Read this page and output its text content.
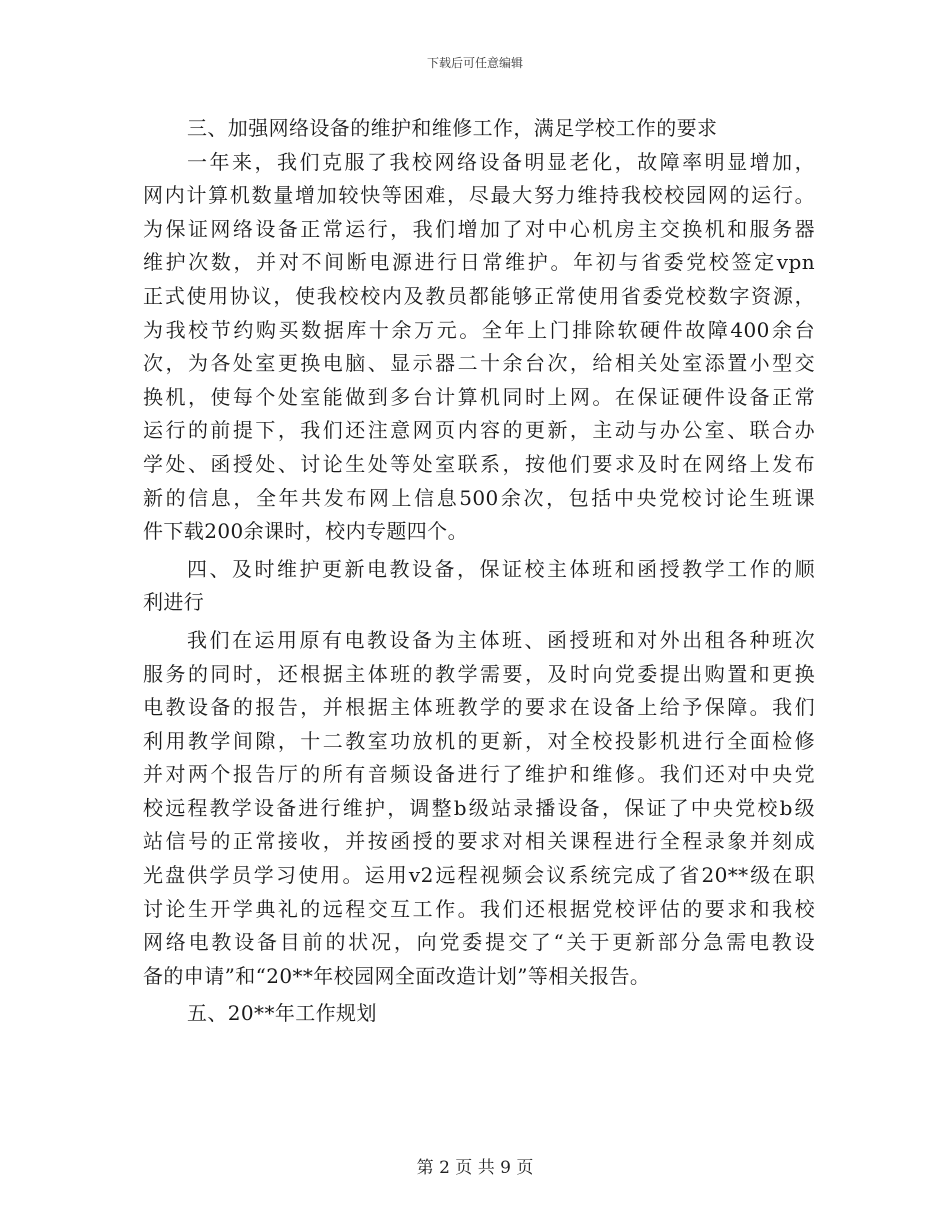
下载后可任意编辑
三、加强网络设备的维护和维修工作，满足学校工作的要求
一年来，我们克服了我校网络设备明显老化，故障率明显增加，
网内计算机数量增加较快等困难，尽最大努力维持我校校园网的运行。
为保证网络设备正常运行，我们增加了对中心机房主交换机和服务器
维护次数，并对不间断电源进行日常维护。年初与省委党校签定vpn
正式使用协议，使我校校内及教员都能够正常使用省委党校数字资源，
为我校节约购买数据库十余万元。全年上门排除软硬件故障400余台
次，为各处室更换电脑、显示器二十余台次，给相关处室添置小型交
换机，使每个处室能做到多台计算机同时上网。在保证硬件设备正常
运行的前提下，我们还注意网页内容的更新，主动与办公室、联合办
学处、函授处、讨论生处等处室联系，按他们要求及时在网络上发布
新的信息，全年共发布网上信息500余次，包括中央党校讨论生班课
件下载200余课时，校内专题四个。
四、及时维护更新电教设备，保证校主体班和函授教学工作的顺
利进行
我们在运用原有电教设备为主体班、函授班和对外出租各种班次
服务的同时，还根据主体班的教学需要，及时向党委提出购置和更换
电教设备的报告，并根据主体班教学的要求在设备上给予保障。我们
利用教学间隙，十二教室功放机的更新，对全校投影机进行全面检修
并对两个报告厅的所有音频设备进行了维护和维修。我们还对中央党
校远程教学设备进行维护，调整b级站录播设备，保证了中央党校b级
站信号的正常接收，并按函授的要求对相关课程进行全程录象并刻成
光盘供学员学习使用。运用v2远程视频会议系统完成了省20**级在职
讨论生开学典礼的远程交互工作。我们还根据党校评估的要求和我校
网络电教设备目前的状况，向党委提交了“关于更新部分急需电教设
备的申请”和“20**年校园网全面改造计划”等相关报告。
五、20**年工作规划
第 2 页 共 9 页
